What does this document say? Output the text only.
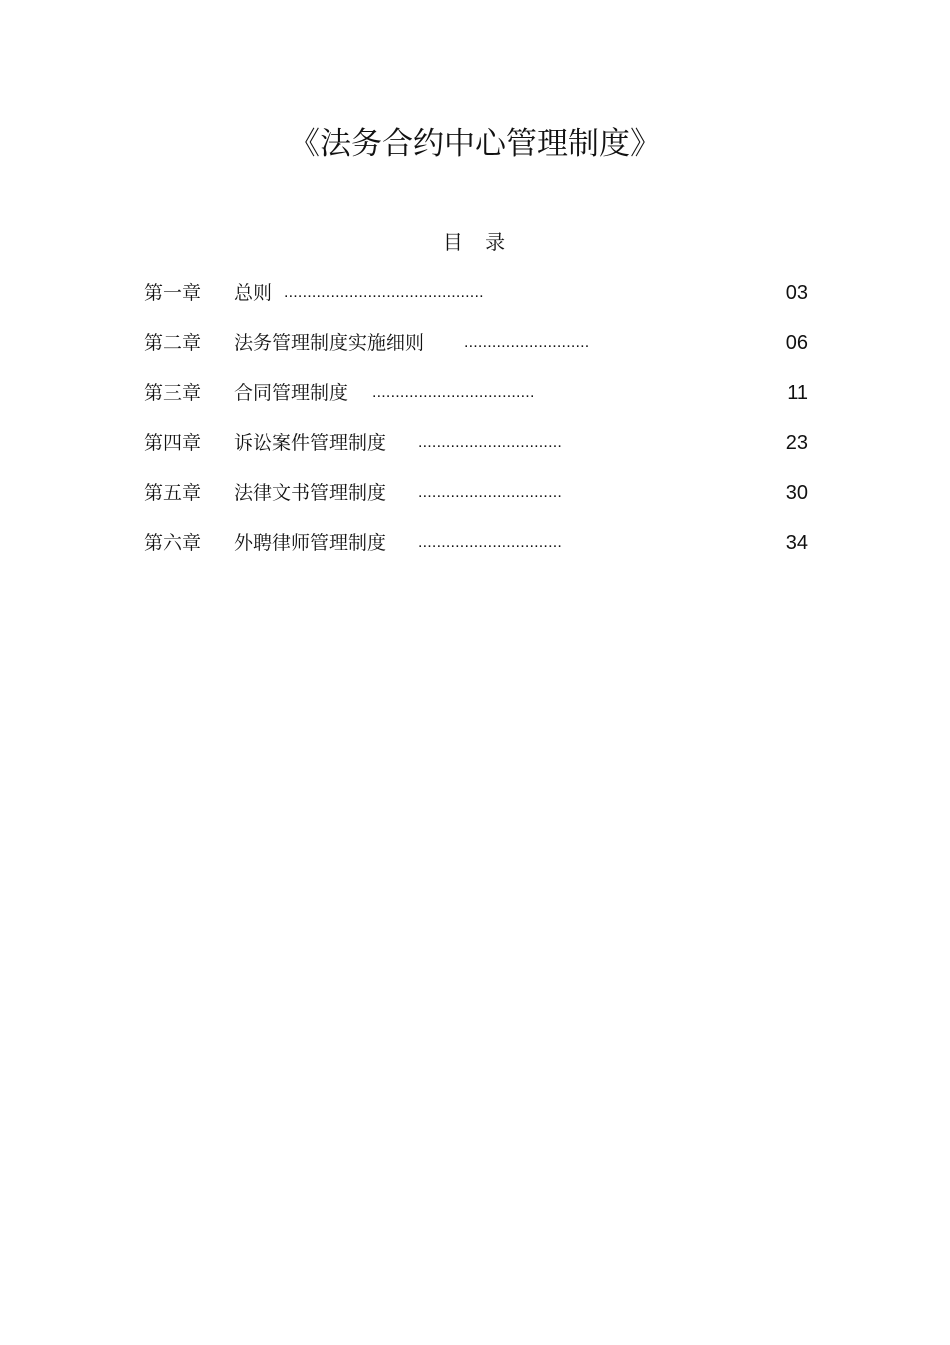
《法务合约中心管理制度》
目 录
第一章 总则 ...........................................	03
第二章 法务管理制度实施细则 ...........................	06
第三章 合同管理制度 ...................................	11
第四章 诉讼案件管理制度 ...............................	23
第五章 法律文书管理制度 ...............................	30
第六章 外聘律师管理制度 ...............................	34
